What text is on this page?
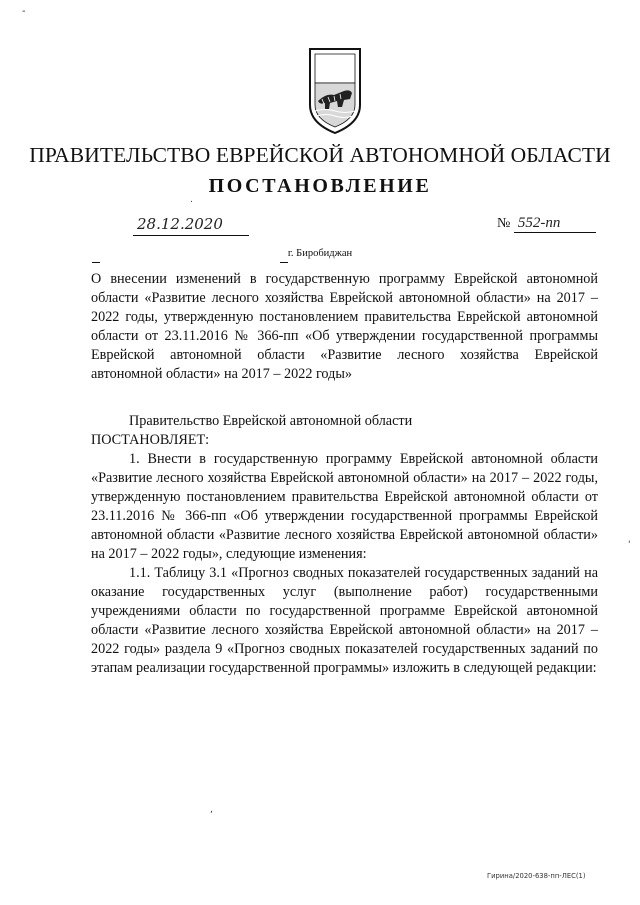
-
ПРАВИТЕЛЬСТВО ЕВРЕЙСКОЙ АВТОНОМНОЙ ОБЛАСТИ
ПОСТАНОВЛЕНИЕ
.
28.12.2020	№ 552-пп
г. Биробиджан
О внесении изменений в государственную программу Еврейской автономной области «Развитие лесного хозяйства Еврейской автономной области» на 2017 – 2022 годы, утвержденную постановлением правительства Еврейской автономной области от 23.11.2016 № 366-пп «Об утверждении государственной программы Еврейской автономной области «Развитие лесного хозяйства Еврейской автономной области» на 2017 – 2022 годы»

Правительство Еврейской автономной области

ПОСТАНОВЛЯЕТ:

1. Внести в государственную программу Еврейской автономной области «Развитие лесного хозяйства Еврейской автономной области» на 2017 – 2022 годы, утвержденную постановлением правительства Еврейской автономной области от 23.11.2016 № 366-пп «Об утверждении государственной программы Еврейской автономной области «Развитие лесного хозяйства Еврейской автономной области» на 2017 – 2022 годы», следующие изменения:

1.1. Таблицу 3.1 «Прогноз сводных показателей государственных заданий на оказание государственных услуг (выполнение работ) государственными учреждениями области по государственной программе Еврейской автономной области «Развитие лесного хозяйства Еврейской автономной области» на 2017 – 2022 годы» раздела 9 «Прогноз сводных показателей государственных заданий по этапам реализации государственной программы» изложить в следующей редакции:

,
'
Гирина/2020-638-пп-ЛЕС(1)
